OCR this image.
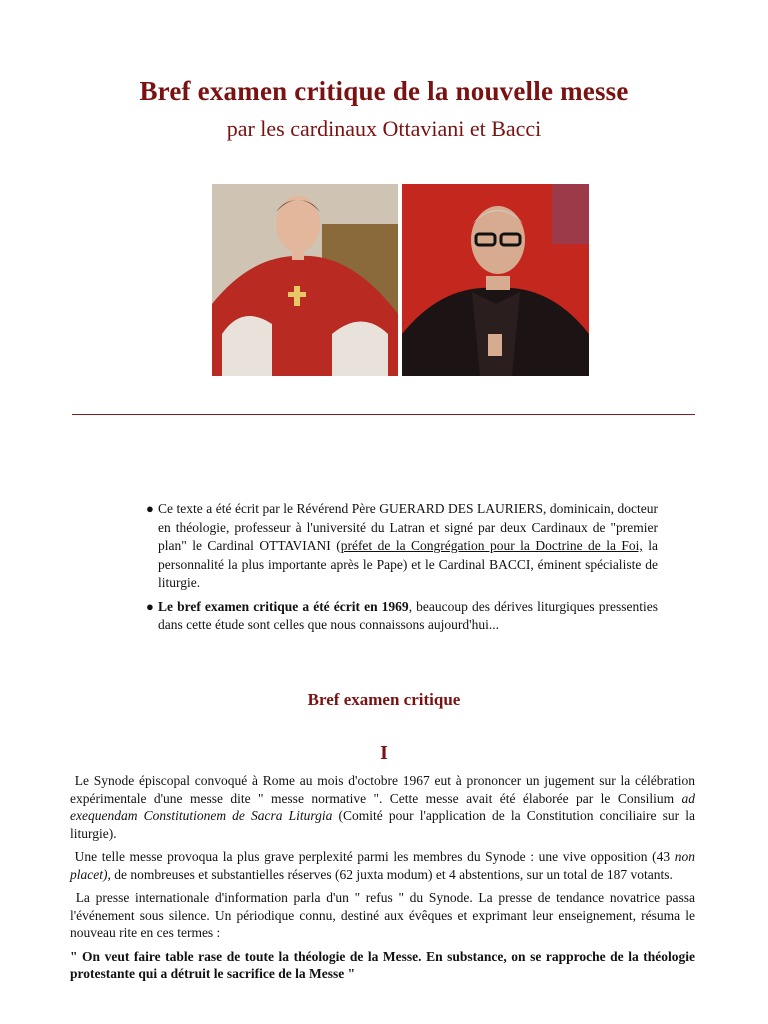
Bref examen critique de la nouvelle messe
par les cardinaux Ottaviani et Bacci
● Ce texte a été écrit par le Révérend Père GUERARD DES LAURIERS, dominicain, docteur en théologie, professeur à l'université du Latran et signé par deux Cardinaux de "premier plan" le Cardinal OTTAVIANI (préfet de la Congrégation pour la Doctrine de la Foi, la personnalité la plus importante après le Pape) et le Cardinal BACCI, éminent spécialiste de liturgie.

● Le bref examen critique a été écrit en 1969, beaucoup des dérives liturgiques pressenties dans cette étude sont celles que nous connaissons aujourd'hui...

Bref examen critique
I

Le Synode épiscopal convoqué à Rome au mois d'octobre 1967 eut à prononcer un jugement sur la célébration expérimentale d'une messe dite " messe normative ". Cette messe avait été élaborée par le Consilium ad exequendam Constitutionem de Sacra Liturgia (Comité pour l'application de la Constitution conciliaire sur la liturgie).

Une telle messe provoqua la plus grave perplexité parmi les membres du Synode : une vive opposition (43 non placet), de nombreuses et substantielles réserves (62 juxta modum) et 4 abstentions, sur un total de 187 votants.

La presse internationale d'information parla d'un " refus " du Synode. La presse de tendance novatrice passa l'événement sous silence. Un périodique connu, destiné aux évêques et exprimant leur enseignement, résuma le nouveau rite en ces termes :

" On veut faire table rase de toute la théologie de la Messe. En substance, on se rapproche de la théologie protestante qui a détruit le sacrifice de la Messe "
